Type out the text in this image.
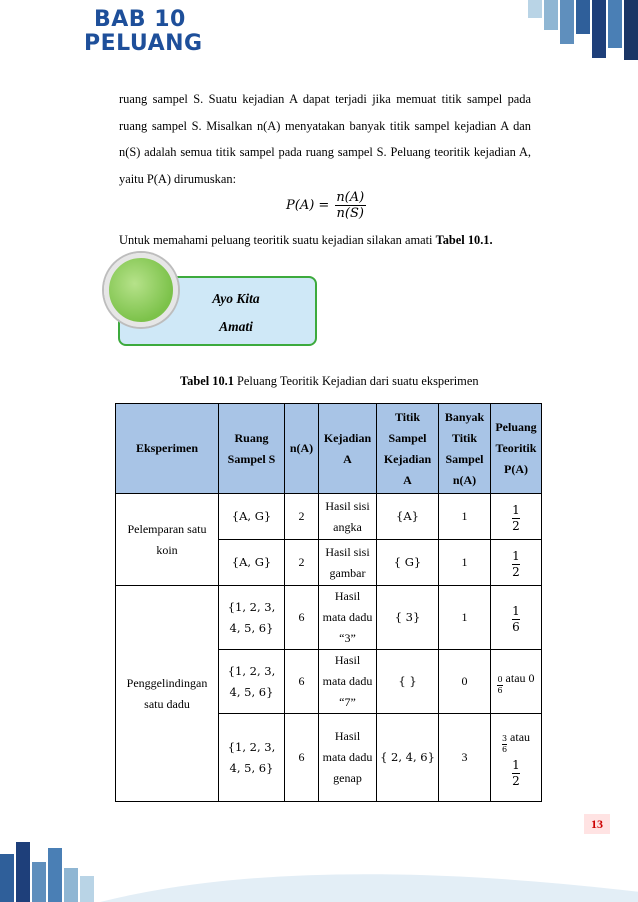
BAB 10
PELUANG
ruang sampel S. Suatu kejadian A dapat terjadi jika memuat titik sampel pada ruang sampel S. Misalkan n(A) menyatakan banyak titik sampel kejadian A dan n(S) adalah semua titik sampel pada ruang sampel S. Peluang teoritik kejadian A, yaitu P(A) dirumuskan:
$P(A) = \frac{n(A)}{n(S)}$
Untuk memahami peluang teoritik suatu kejadian silakan amati Tabel 10.1.
Ayo Kita
Amati
Tabel 10.1 Peluang Teoritik Kejadian dari suatu eksperimen
Eksperimen	Ruang Sampel S	n(A)	Kejadian A	Titik Sampel Kejadian A	Banyak Titik Sampel n(A)	Peluang Teoritik P(A)
Pelemparan satu koin	{A, G}	2	Hasil sisi angka	{A}	1	$\frac{1}{2}$

	{A, G}	2	Hasil sisi gambar	{ G}	1	$\frac{1}{2}$

Penggelindingan satu dadu	{1, 2, 3, 4, 5, 6}	6	Hasil mata dadu “3”	{ 3}	1	$\frac{1}{6}$

	{1, 2, 3, 4, 5, 6}	6	Hasil mata dadu “7”	{ }	0	$\frac{0}{6}$ atau 0
	{1, 2, 3, 4, 5, 6}	6	Hasil mata dadu genap	{ 2, 4, 6}	3	$\frac{3}{6}$ atau
$\frac{1}{2}$
13
